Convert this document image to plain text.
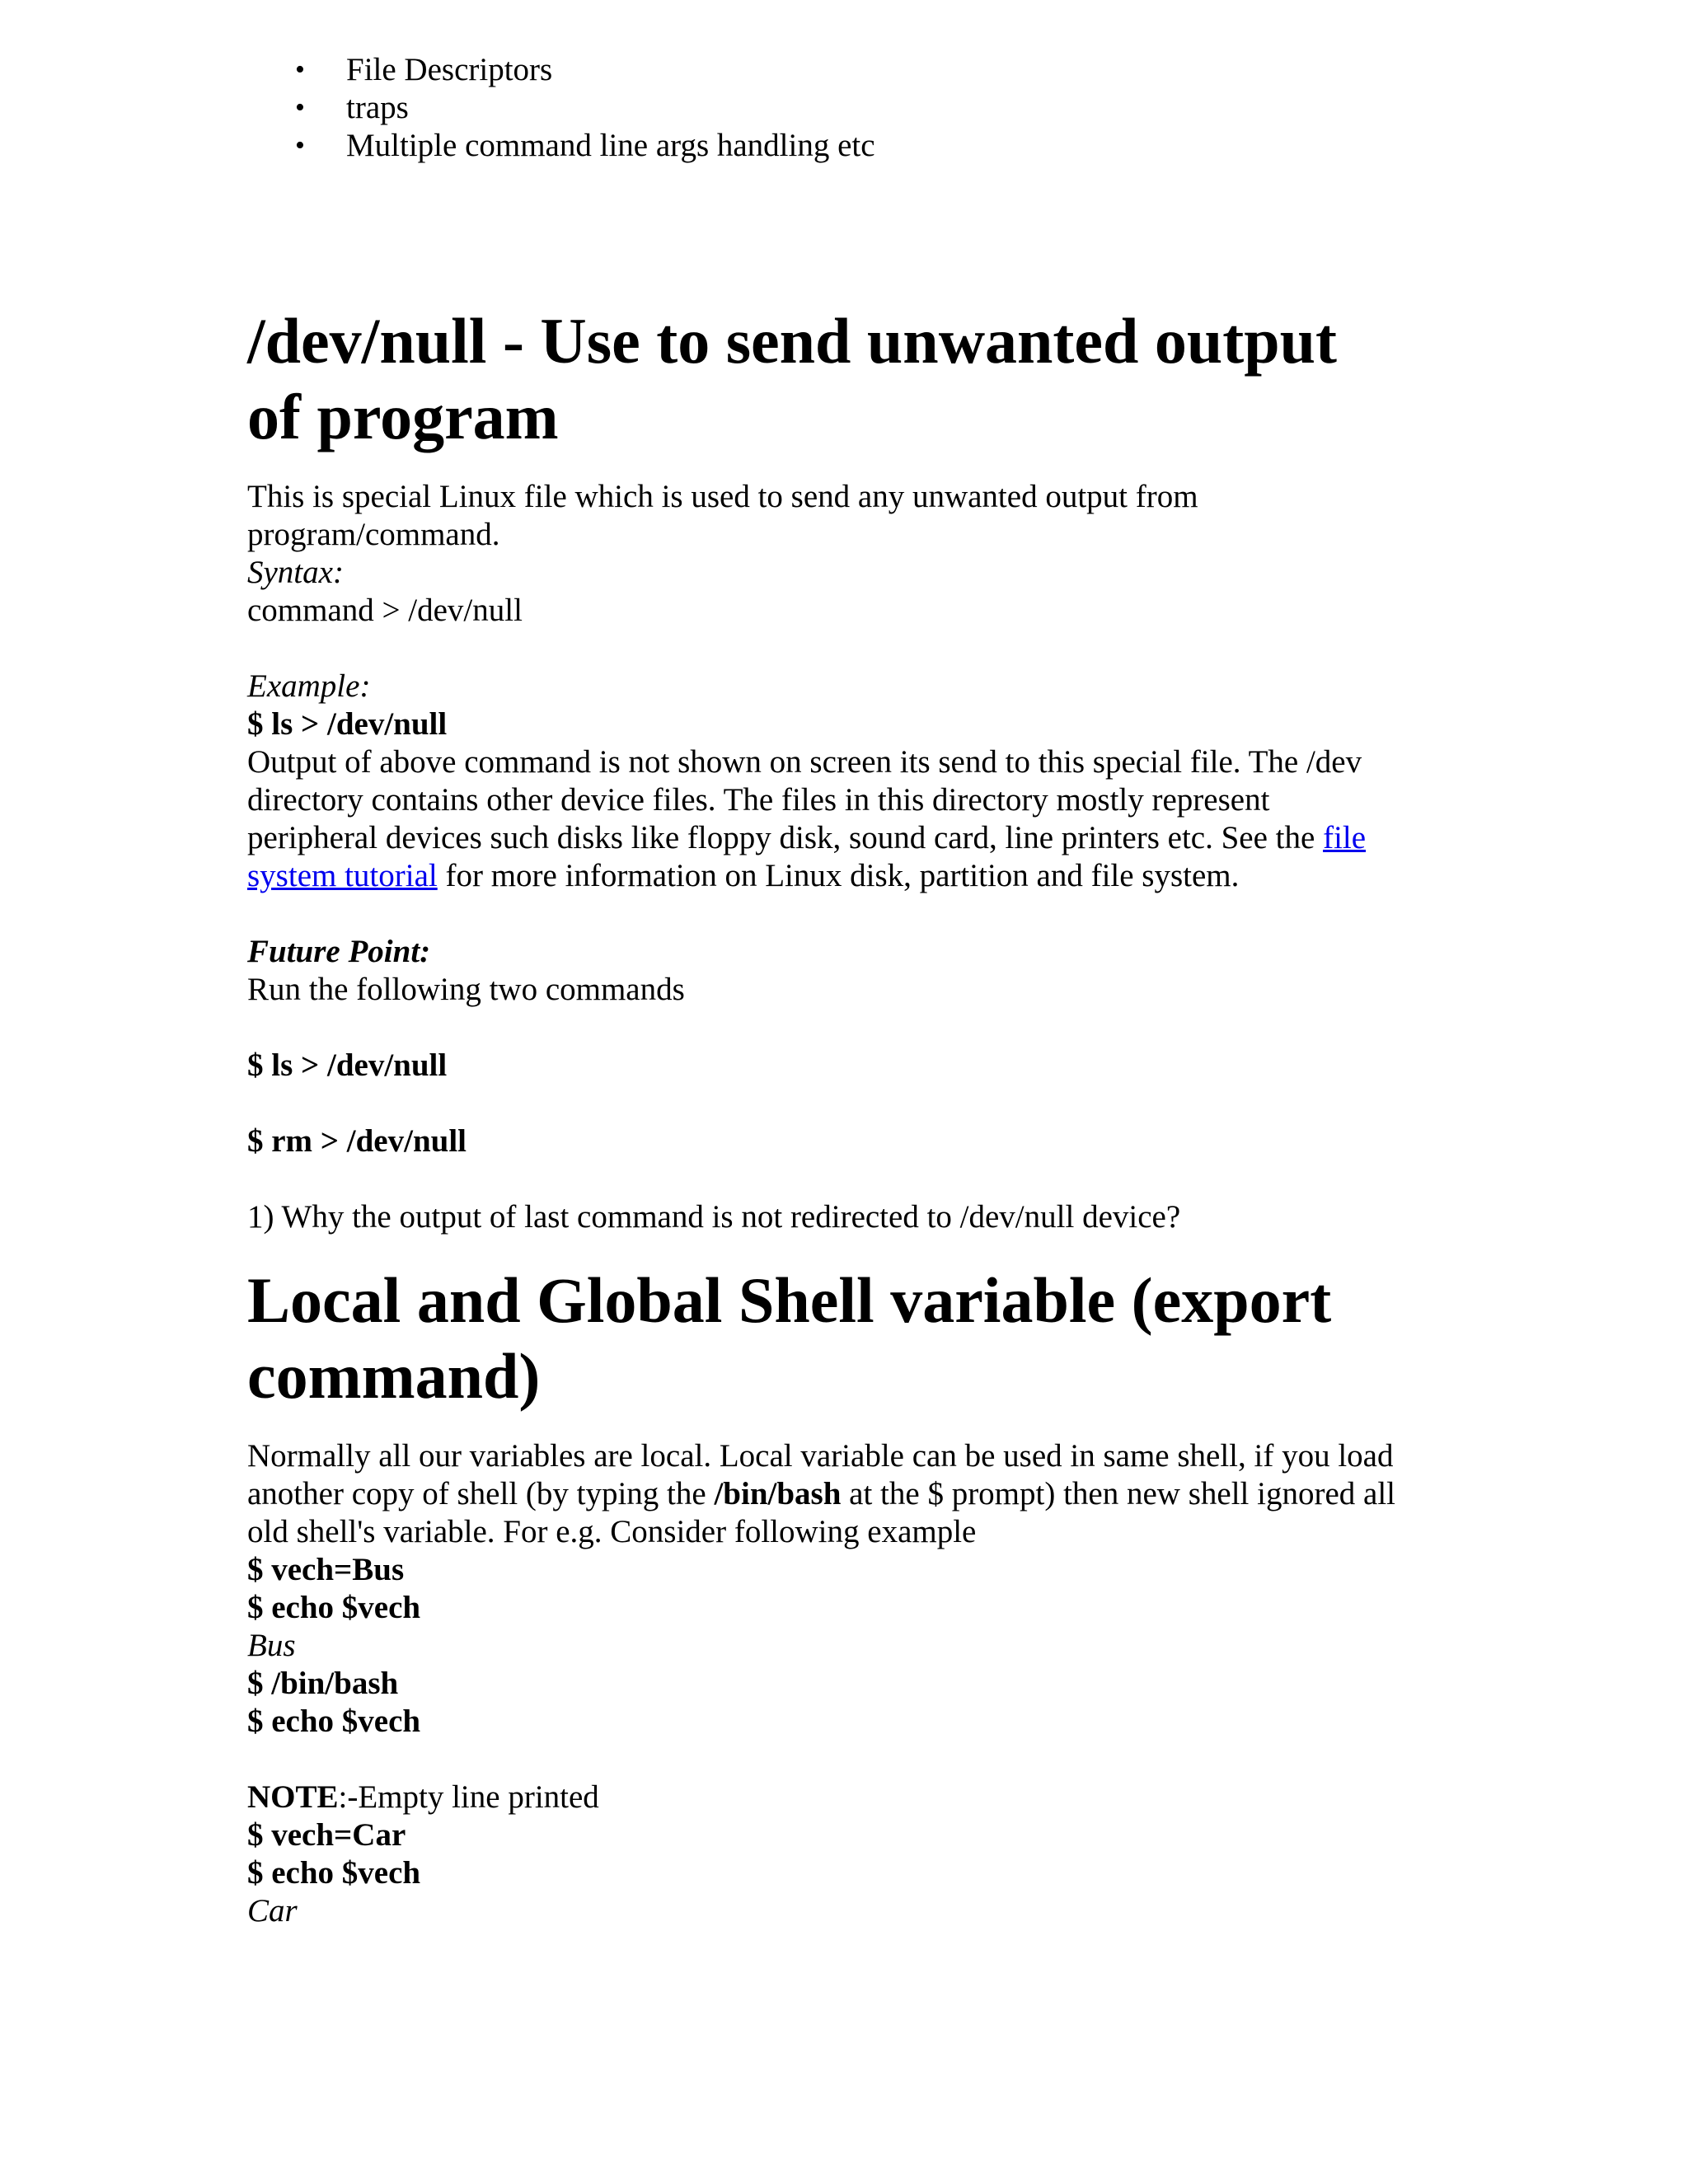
• File Descriptors
• traps
• Multiple command line args handling etc
/dev/null - Use to send unwanted output
of program

This is special Linux file which is used to send any unwanted output from

program/command.

Syntax:

command > /dev/null

Example:

$ ls > /dev/null

Output of above command is not shown on screen its send to this special file. The /dev

directory contains other device files. The files in this directory mostly represent

peripheral devices such disks like floppy disk, sound card, line printers etc. See the file

system tutorial for more information on Linux disk, partition and file system.

Future Point:

Run the following two commands

$ ls > /dev/null

$ rm > /dev/null

1) Why the output of last command is not redirected to /dev/null device?

Local and Global Shell variable (export
command)

Normally all our variables are local. Local variable can be used in same shell, if you load

another copy of shell (by typing the /bin/bash at the $ prompt) then new shell ignored all

old shell's variable. For e.g. Consider following example

$ vech=Bus

$ echo $vech

Bus

$ /bin/bash

$ echo $vech

NOTE:-Empty line printed

$ vech=Car

$ echo $vech

Car
